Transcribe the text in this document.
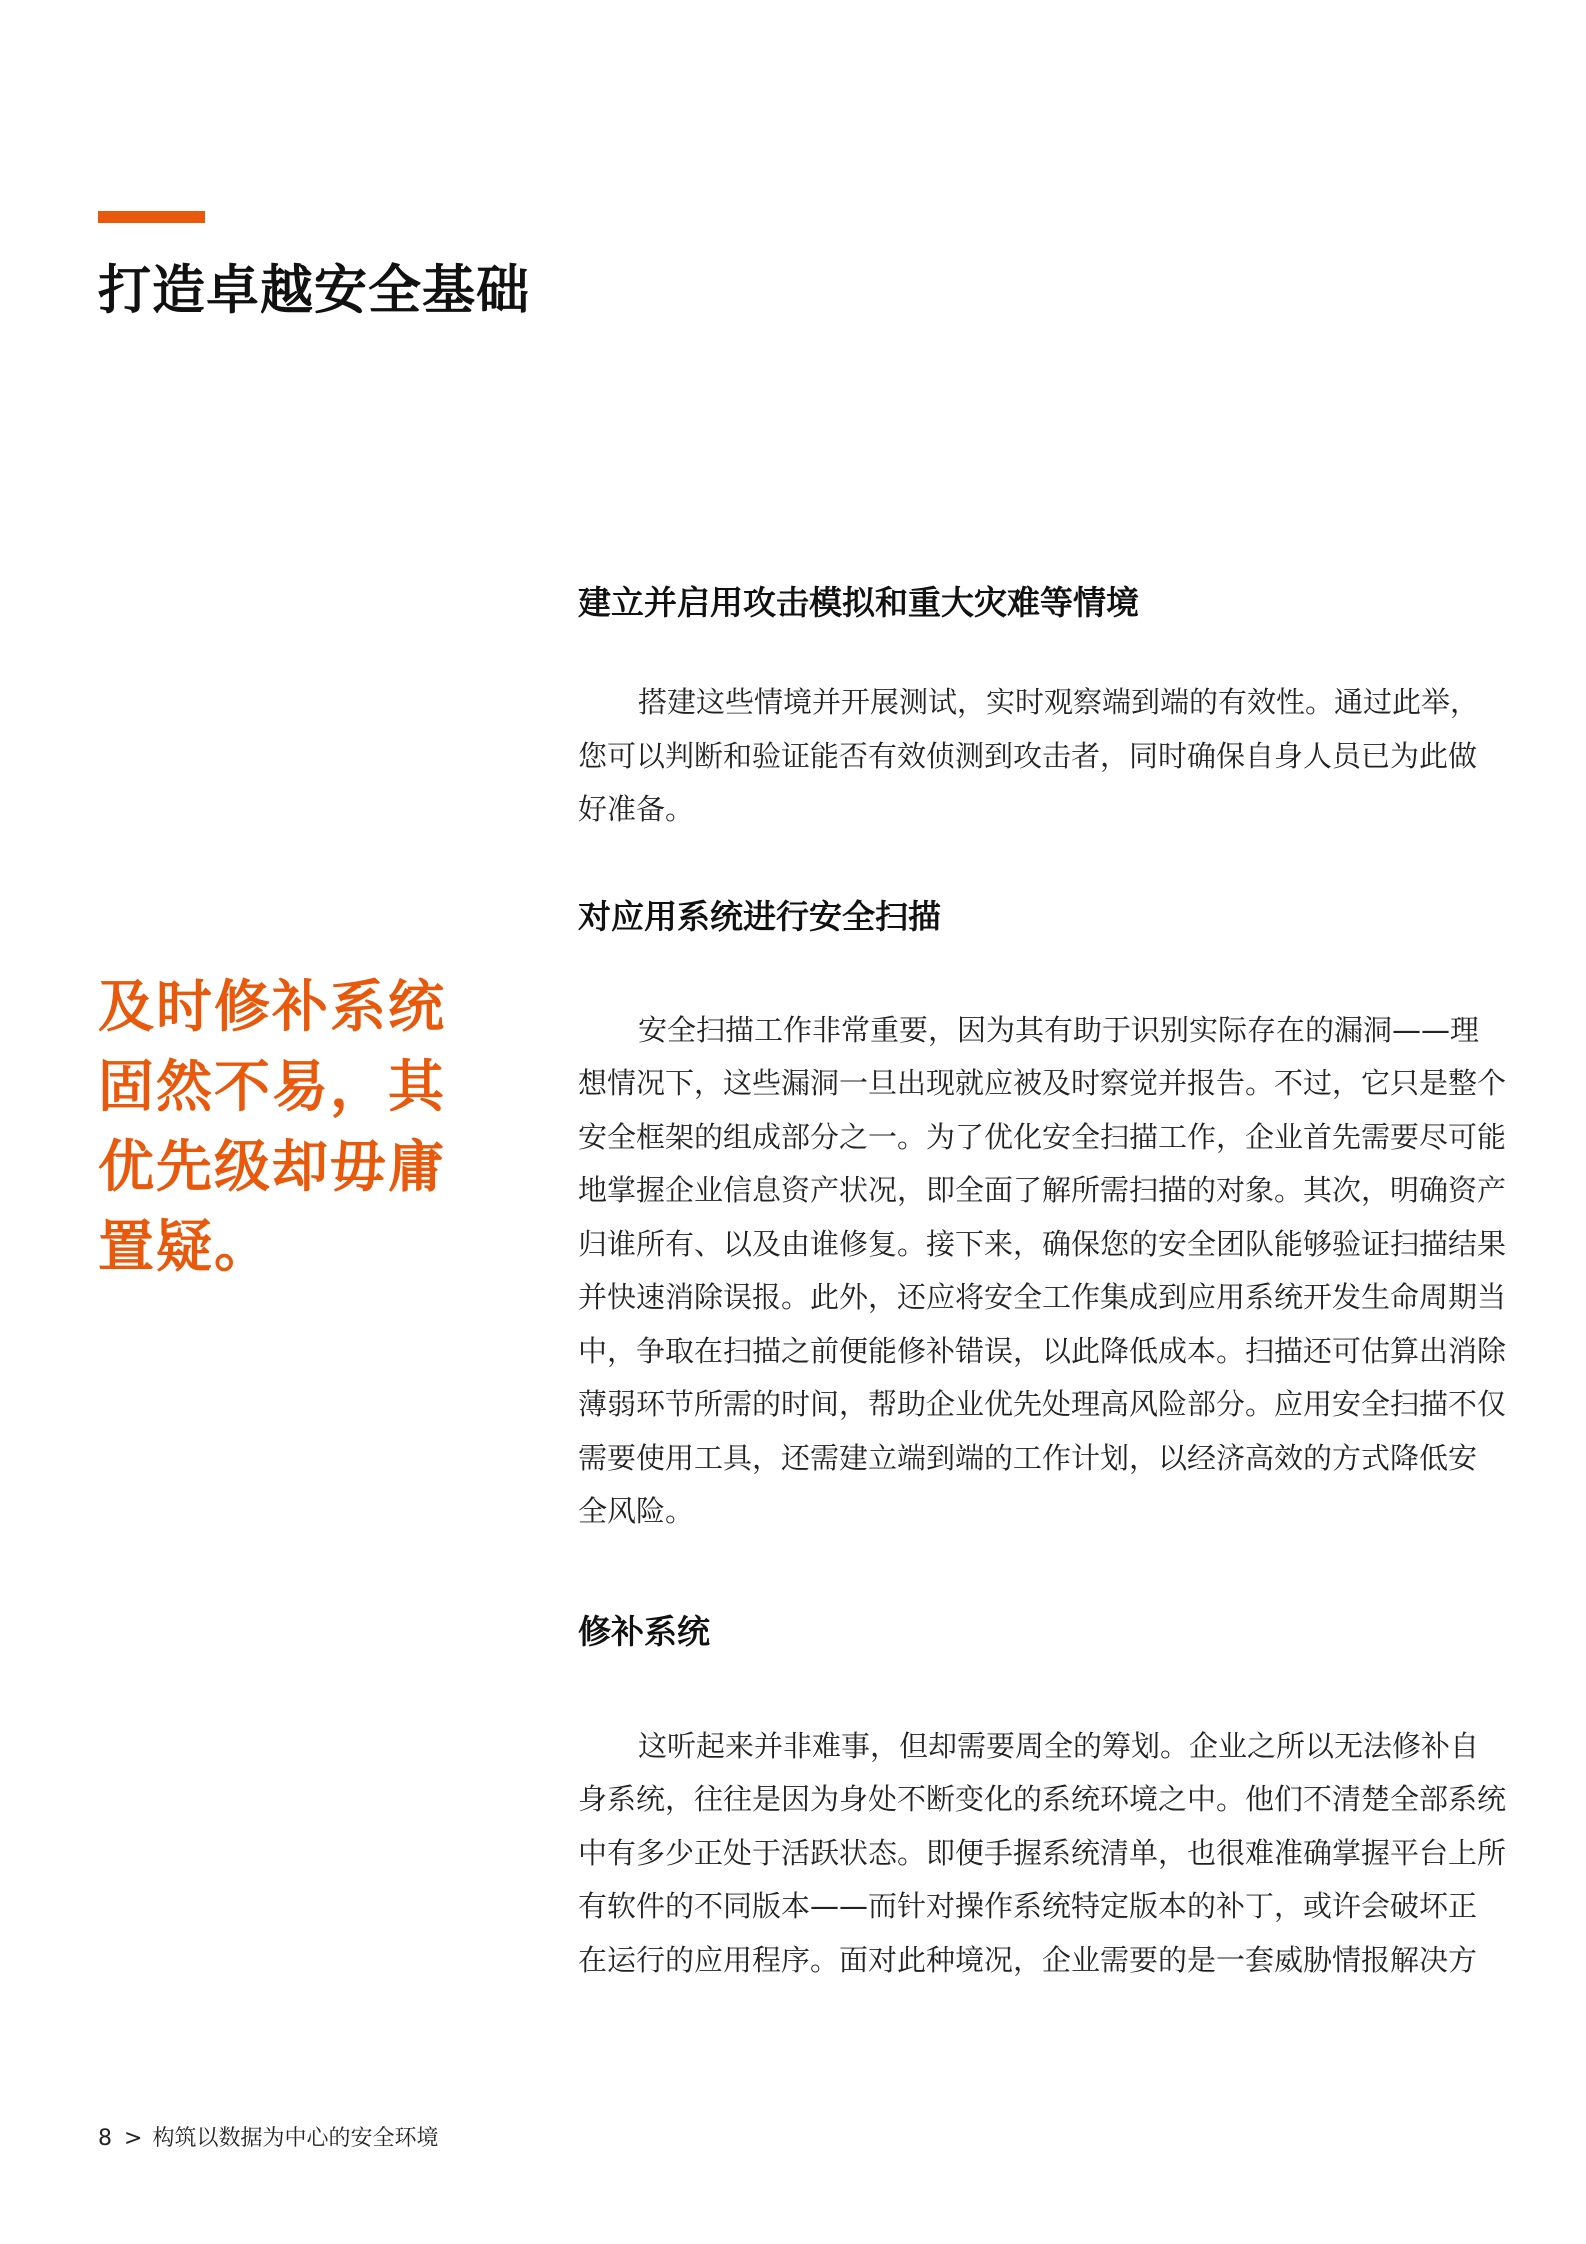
打造卓越安全基础
及时修补系统
固然不易，其
优先级却毋庸
置疑。
建立并启用攻击模拟和重大灾难等情境

搭建这些情境并开展测试，实时观察端到端的有效性。通过此举，
您可以判断和验证能否有效侦测到攻击者，同时确保自身人员已为此做
好准备。

对应用系统进行安全扫描

安全扫描工作非常重要，因为其有助于识别实际存在的漏洞——理
想情况下，这些漏洞一旦出现就应被及时察觉并报告。不过，它只是整个
安全框架的组成部分之一。为了优化安全扫描工作，企业首先需要尽可能
地掌握企业信息资产状况，即全面了解所需扫描的对象。其次，明确资产
归谁所有、以及由谁修复。接下来，确保您的安全团队能够验证扫描结果
并快速消除误报。此外，还应将安全工作集成到应用系统开发生命周期当
中，争取在扫描之前便能修补错误，以此降低成本。扫描还可估算出消除
薄弱环节所需的时间，帮助企业优先处理高风险部分。应用安全扫描不仅
需要使用工具，还需建立端到端的工作计划，以经济高效的方式降低安
全风险。

修补系统

这听起来并非难事，但却需要周全的筹划。企业之所以无法修补自
身系统，往往是因为身处不断变化的系统环境之中。他们不清楚全部系统
中有多少正处于活跃状态。即便手握系统清单，也很难准确掌握平台上所
有软件的不同版本——而针对操作系统特定版本的补丁，或许会破坏正
在运行的应用程序。面对此种境况，企业需要的是一套威胁情报解决方

8 > 构筑以数据为中心的安全环境
